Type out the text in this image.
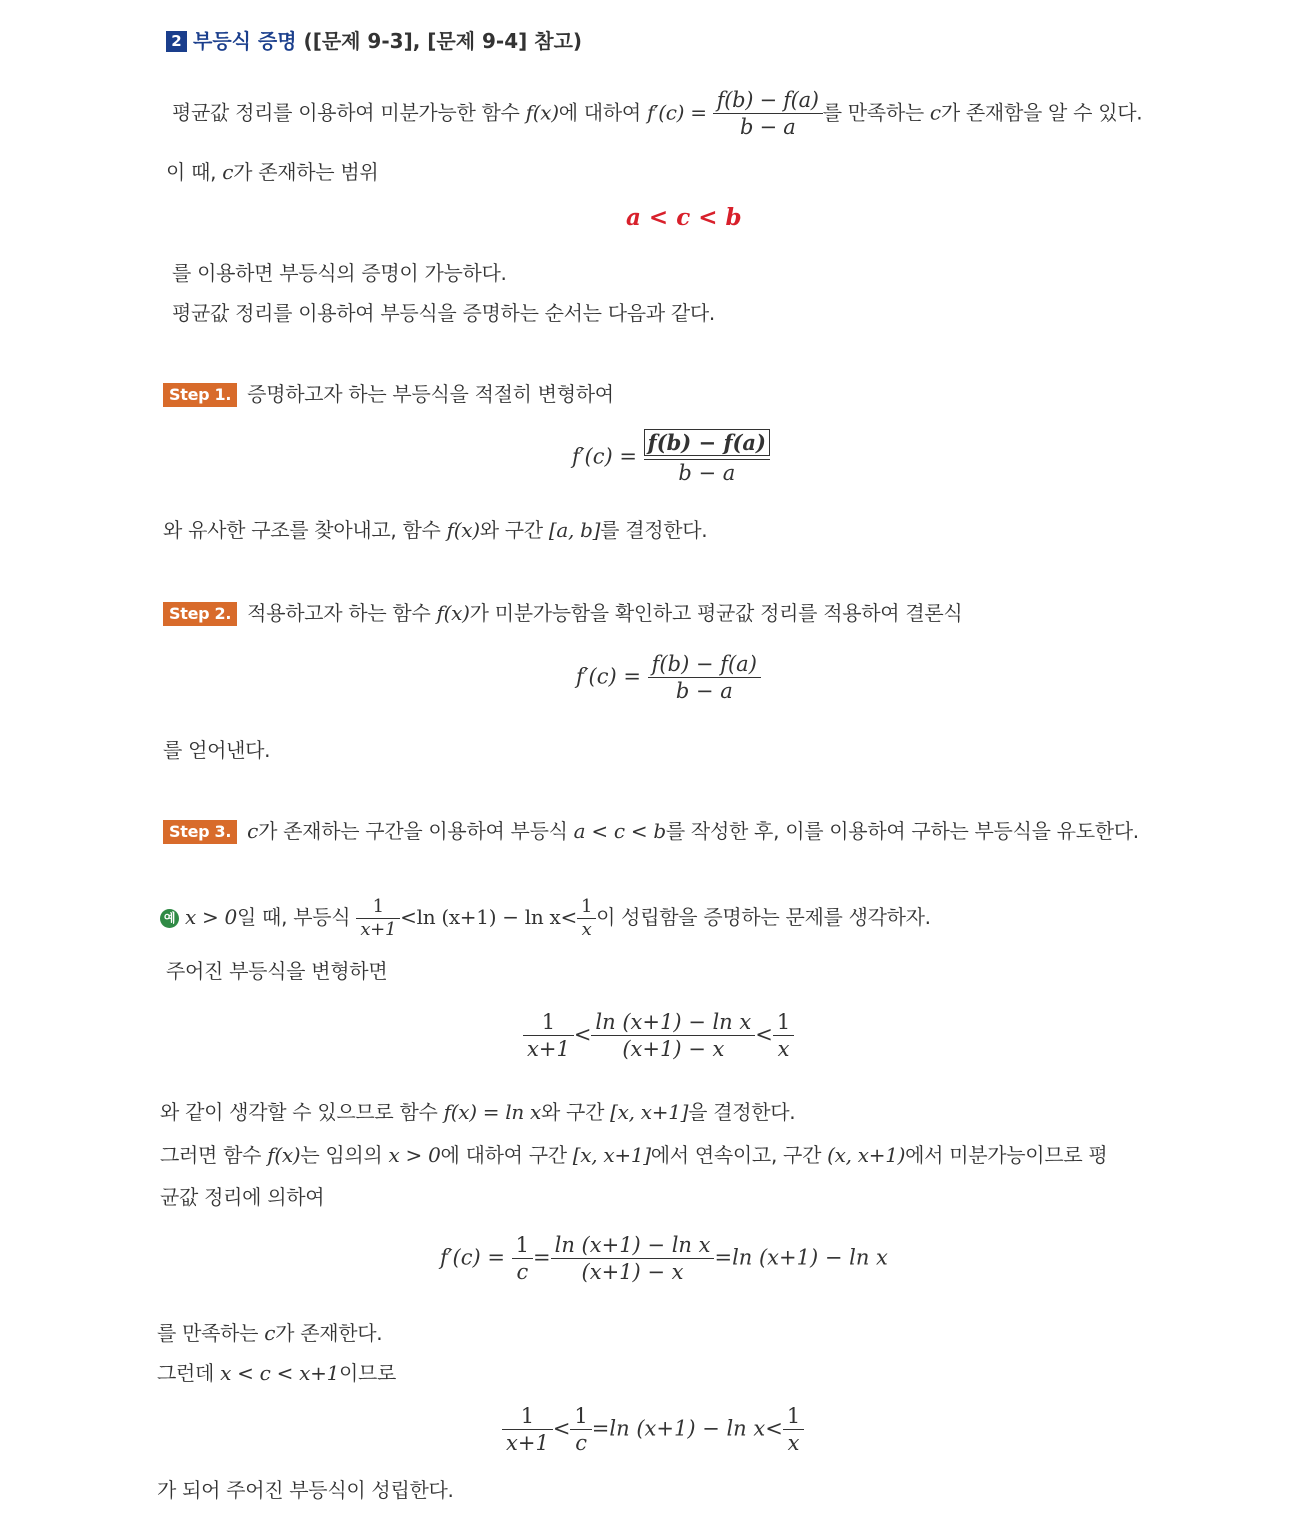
2 부등식 증명 ([문제 9-3], [문제 9-4] 참고)
평균값 정리를 이용하여 미분가능한 함수 f(x)에 대하여 $f'(c) = \frac{f(b) - f(a)}{b - a}$ 를 만족하는 c가 존재함을 알 수 있다.
이 때, c가 존재하는 범위
a < c < b
를 이용하면 부등식의 증명이 가능하다.
평균값 정리를 이용하여 부등식을 증명하는 순서는 다음과 같다.
Step 1. 증명하고자 하는 부등식을 적절히 변형하여
$f'(c) = \frac{f(b) - f(a)}{b - a}$
와 유사한 구조를 찾아내고, 함수 f(x)와 구간 [a, b]를 결정한다.
Step 2. 적용하고자 하는 함수 f(x)가 미분가능함을 확인하고 평균값 정리를 적용하여 결론식
$f'(c) = \frac{f(b) - f(a)}{b - a}$
를 얻어낸다.
Step 3. c가 존재하는 구간을 이용하여 부등식 a < c < b를 작성한 후, 이를 이용하여 구하는 부등식을 유도한다.
예 x > 0일 때, 부등식 $\frac{1}{x+1} <\ln$ $(x+1) - \ln x< \frac{1}{x}$ 이 성립함을 증명하는 문제를 생각하자.
주어진 부등식을 변형하면
$\frac{1}{x+1} < \frac{\text{ln (x+1) − ln x}}{(x+1) - x} < \frac{1}{x}$
와 같이 생각할 수 있으므로 함수 f(x) = ln x와 구간 [x, x+1]을 결정한다.
그러면 함수 f(x)는 임의의 x > 0에 대하여 구간 [x, x+1]에서 연속이고, 구간 (x, x+1)에서 미분가능이므로 평
균값 정리에 의하여
$f'(c) = \frac{1}{c} = \frac{\text{ln (x+1) − ln x}}{(x+1) - x} =\ln$ (x+1) − ln x
를 만족하는 c가 존재한다.
그런데 x < c < x+1이므로
$\frac{1}{x+1} < \frac{1}{c} =\ln$ $(x+1) - \ln x< \frac{1}{x}$
가 되어 주어진 부등식이 성립한다.
